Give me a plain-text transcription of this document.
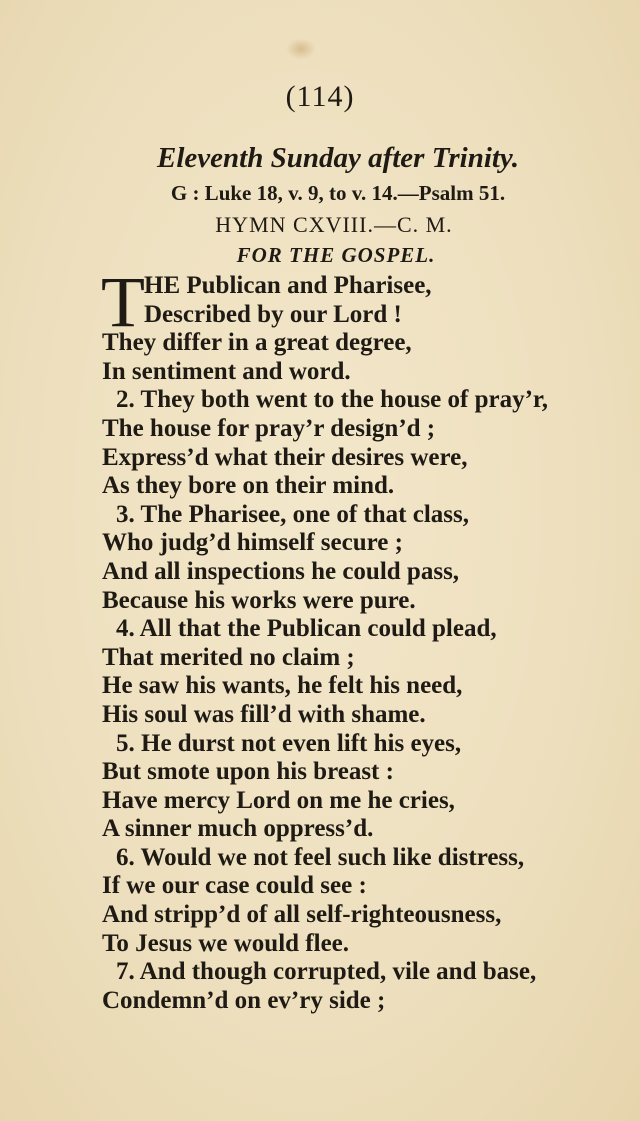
(114)
Eleventh Sunday after Trinity.
G : Luke 18, v. 9, to v. 14.—Psalm 51.
HYMN CXVIII.—C. M.
FOR THE GOSPEL.
T HE Publican and Pharisee,
Described by our Lord !
They differ in a great degree,
In sentiment and word.
2. They both went to the house of pray’r,
The house for pray’r design’d ;
Express’d what their desires were,
As they bore on their mind.
3. The Pharisee, one of that class,
Who judg’d himself secure ;
And all inspections he could pass,
Because his works were pure.
4. All that the Publican could plead,
That merited no claim ;
He saw his wants, he felt his need,
His soul was fill’d with shame.
5. He durst not even lift his eyes,
But smote upon his breast :
Have mercy Lord on me he cries,
A sinner much oppress’d.
6. Would we not feel such like distress,
If we our case could see :
And stripp’d of all self-righteousness,
To Jesus we would flee.
7. And though corrupted, vile and base,
Condemn’d on ev’ry side ;
